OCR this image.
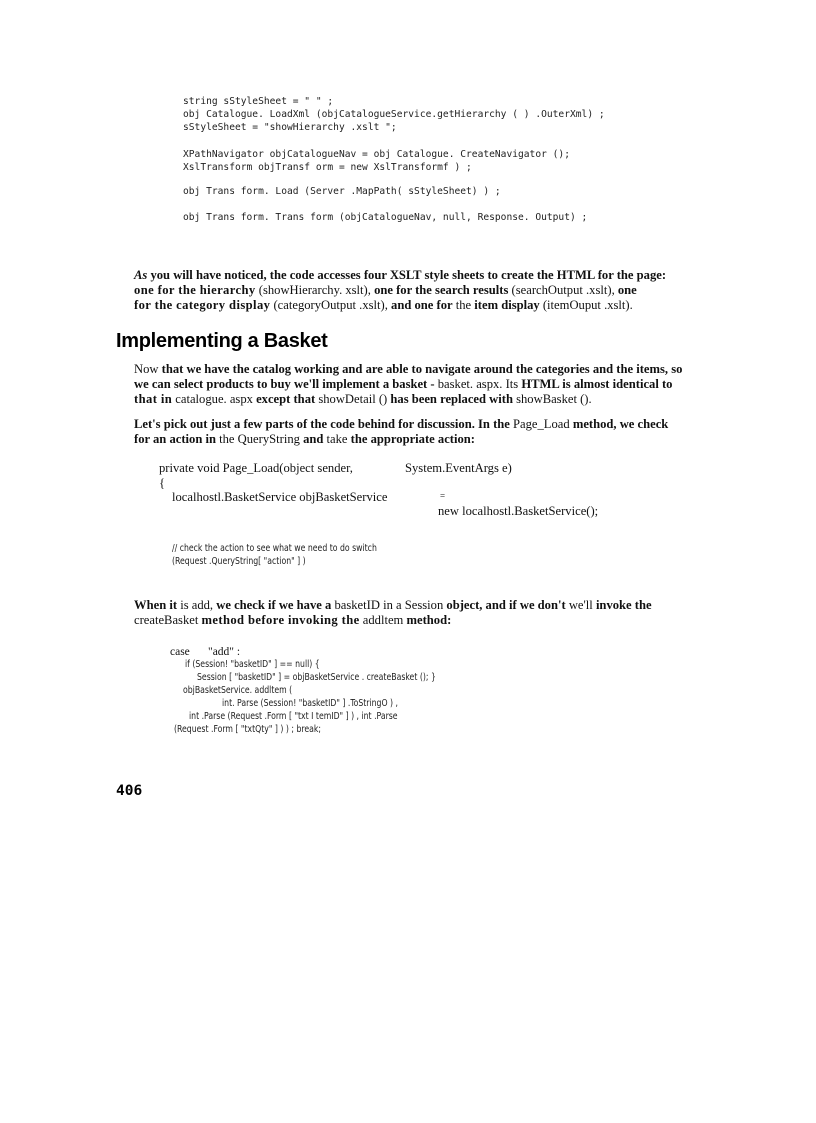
string sStyleSheet = " " ;
obj Catalogue. LoadXml (objCatalogueService.getHierarchy ( ) .OuterXml) ;
sStyleSheet = "showHierarchy .xslt ";
XPathNavigator objCatalogueNav = obj Catalogue. CreateNavigator ();
XslTransform objTransf orm = new XslTransformf ) ;
obj Trans form. Load (Server .MapPath( sStyleSheet) ) ;
obj Trans form. Trans form (objCatalogueNav, null, Response. Output) ;
As you will have noticed, the code accesses four XSLT style sheets to create the HTML for the page:
one for the hierarchy (showHierarchy. xslt), one for the search results (searchOutput .xslt), one
for the category display (categoryOutput .xslt), and one for the item display (itemOuput .xslt).
Implementing a Basket
Now that we have the catalog working and are able to navigate around the categories and the items, so
we can select products to buy we'll implement a basket - basket. aspx. Its HTML is almost identical to
that in catalogue. aspx except that showDetail () has been replaced with showBasket ().
Let's pick out just a few parts of the code behind for discussion. In the Page_Load method, we check
for an action in the QueryString and take the appropriate action:
private void Page_Load(object sender,	System.EventArgs e)
{
localhostl.BasketService objBasketService	=
new localhostl.BasketService();
// check the action to see what we need to do switch
(Request .QueryString[ "action" ] )
When it is add, we check if we have a basketID in a Session object, and if we don't we'll invoke the
createBasket method before invoking the addltem method:
case "add" :
if (Session! "basketID" ] == null) {
Session [ "basketID" ] = objBasketService . createBasket (); }
objBasketService. addltem (
int. Parse (Session! "basketID" ] .ToStringO ) ,
int .Parse (Request .Form [ "txt I temID" ] ) , int .Parse
(Request .Form [ "txtQty" ] ) ) ; break;
406
